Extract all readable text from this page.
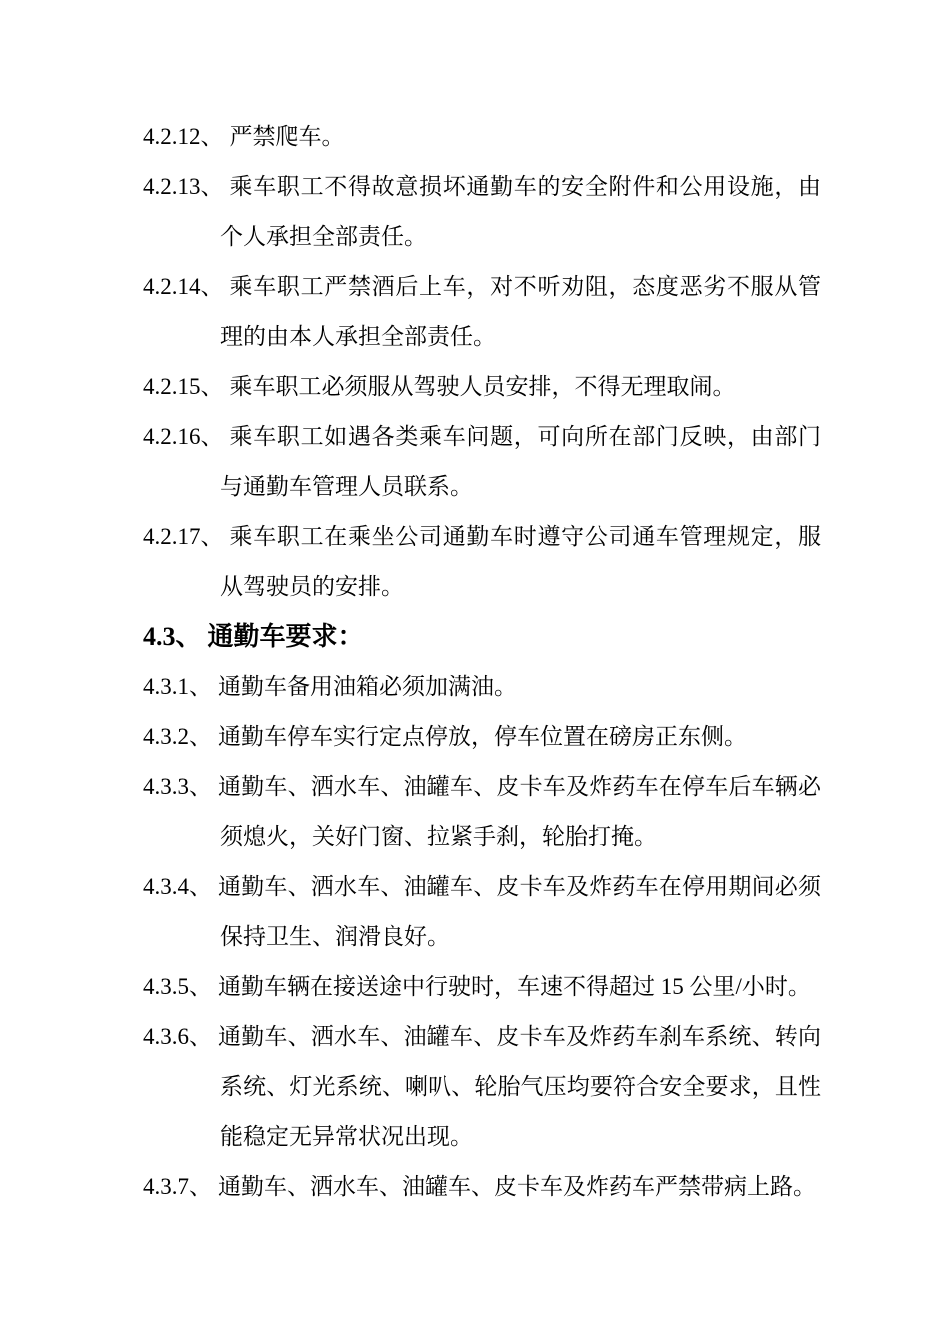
4.2.12、 严禁爬车。
4.2.13、 乘车职工不得故意损坏通勤车的安全附件和公用设施，由
个人承担全部责任。
4.2.14、 乘车职工严禁酒后上车，对不听劝阻，态度恶劣不服从管
理的由本人承担全部责任。
4.2.15、 乘车职工必须服从驾驶人员安排，不得无理取闹。
4.2.16、 乘车职工如遇各类乘车问题，可向所在部门反映，由部门
与通勤车管理人员联系。
4.2.17、 乘车职工在乘坐公司通勤车时遵守公司通车管理规定，服
从驾驶员的安排。
4.3、 通勤车要求：
4.3.1、 通勤车备用油箱必须加满油。
4.3.2、 通勤车停车实行定点停放，停车位置在磅房正东侧。
4.3.3、 通勤车、洒水车、油罐车、皮卡车及炸药车在停车后车辆必
须熄火，关好门窗、拉紧手刹，轮胎打掩。
4.3.4、 通勤车、洒水车、油罐车、皮卡车及炸药车在停用期间必须
保持卫生、润滑良好。
4.3.5、 通勤车辆在接送途中行驶时，车速不得超过 15 公里/小时。
4.3.6、 通勤车、洒水车、油罐车、皮卡车及炸药车刹车系统、转向
系统、灯光系统、喇叭、轮胎气压均要符合安全要求，且性
能稳定无异常状况出现。
4.3.7、 通勤车、洒水车、油罐车、皮卡车及炸药车严禁带病上路。
